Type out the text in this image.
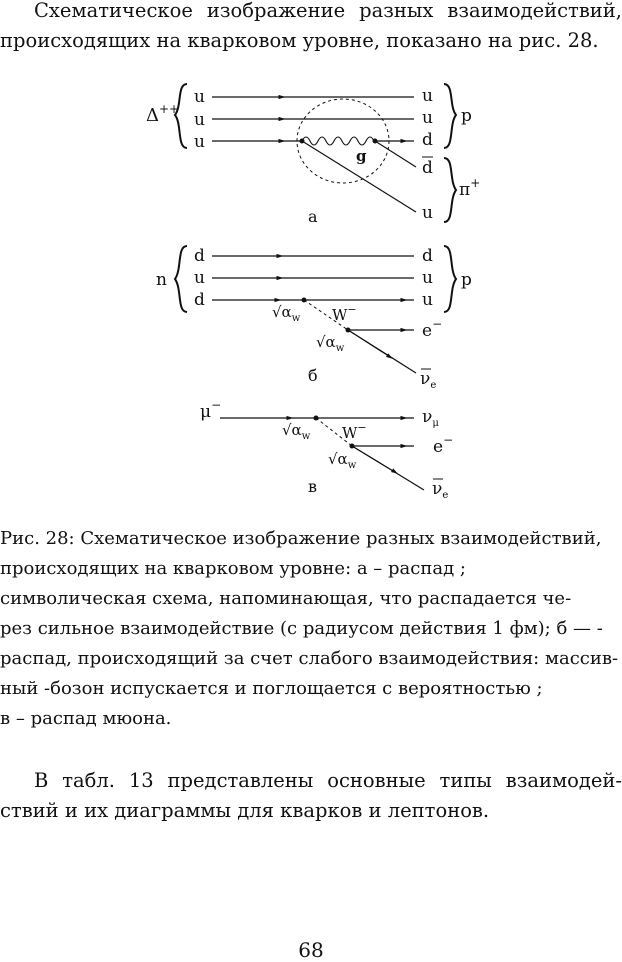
Схематическое изображение разных взаимодействий,
происходящих на кварковом уровне, показано на рис. 28.

Δ++
u
u
u
g
u
u
d
p
d
u
π+
а
n
d
u
d
$√\alpha_w$ W−
$√\alpha_w$
d
u
u
p
e−
$\nu_e$
б
μ−
$\nu_\mu$
$√\alpha_w$ W−
$√\alpha_w$
e−
$\nu_e$
в

Рис. 28: Схематическое изображение разных взаимодействий,
происходящих на кварковом уровне: а – распад ;
символическая схема, напоминающая, что распадается че-
рез сильное взаимодействие (с радиусом действия 1 фм); б — -
распад, происходящий за счет слабого взаимодействия: массив-
ный -бозон испускается и поглощается с вероятностью ;
в – распад мюона.

В табл. 13 представлены основные типы взаимодей-
ствий и их диаграммы для кварков и лептонов.

68
